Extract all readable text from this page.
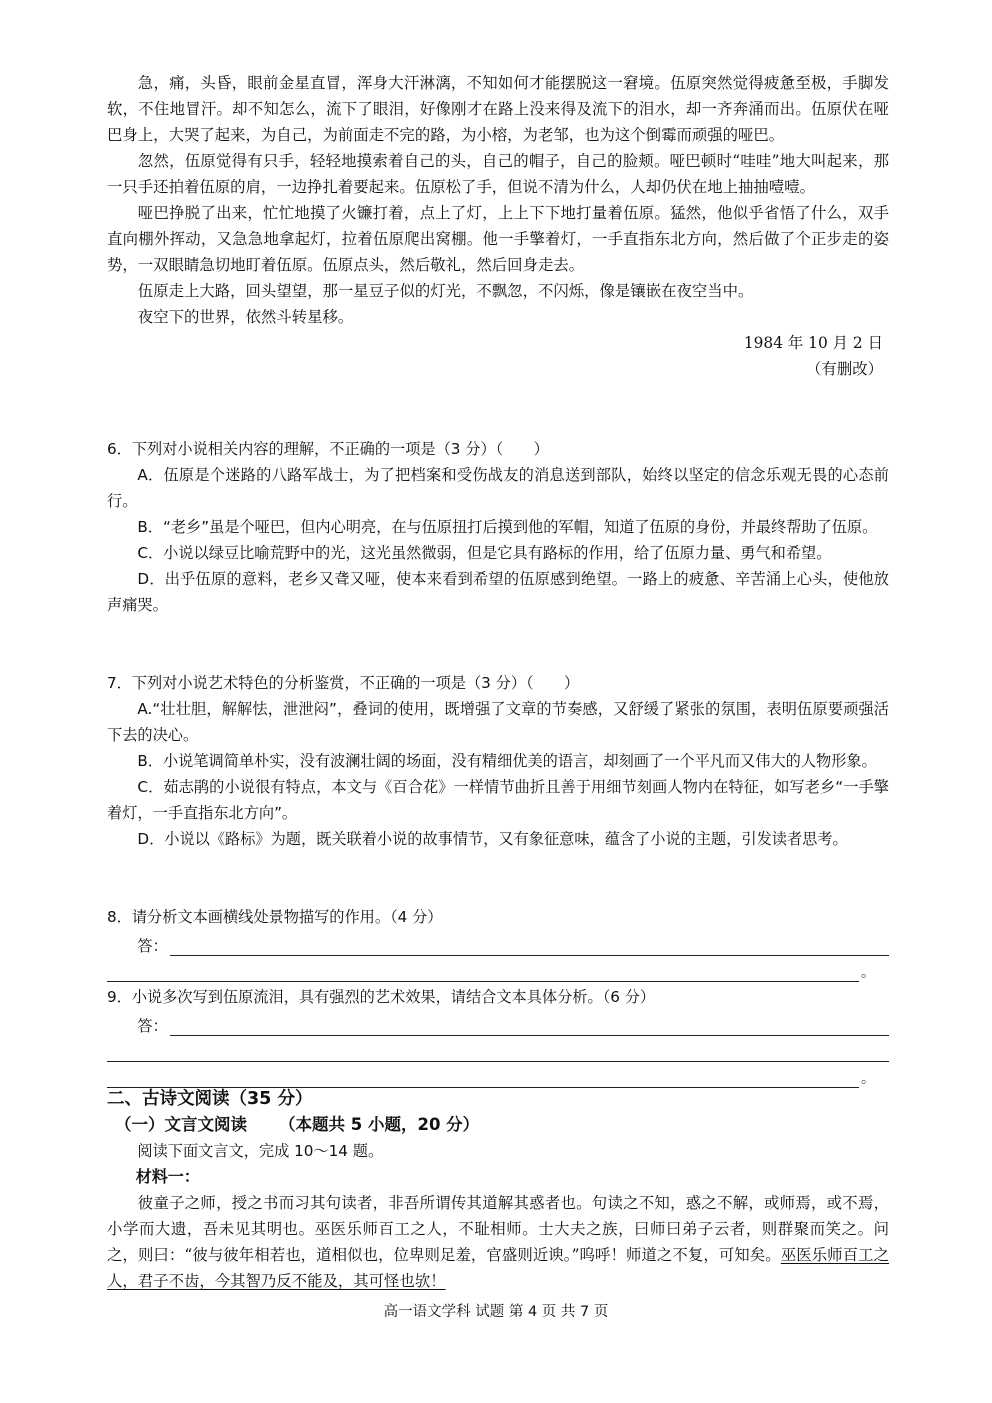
急，痛，头昏，眼前金星直冒，浑身大汗淋漓，不知如何才能摆脱这一窘境。伍原突然觉得疲惫至极，手脚发软，不住地冒汗。却不知怎么，流下了眼泪，好像刚才在路上没来得及流下的泪水，却一齐奔涌而出。伍原伏在哑巴身上，大哭了起来，为自己，为前面走不完的路，为小榕，为老邹，也为这个倒霉而顽强的哑巴。

忽然，伍原觉得有只手，轻轻地摸索着自己的头，自己的帽子，自己的脸颊。哑巴顿时“哇哇”地大叫起来，那一只手还拍着伍原的肩，一边挣扎着要起来。伍原松了手，但说不清为什么，人却仍伏在地上抽抽噎噎。

哑巴挣脱了出来，忙忙地摸了火镰打着，点上了灯，上上下下地打量着伍原。猛然，他似乎省悟了什么，双手直向棚外挥动，又急急地拿起灯，拉着伍原爬出窝棚。他一手擎着灯，一手直指东北方向，然后做了个正步走的姿势，一双眼睛急切地盯着伍原。伍原点头，然后敬礼，然后回身走去。

伍原走上大路，回头望望，那一星豆子似的灯光，不飘忽，不闪烁，像是镶嵌在夜空当中。

夜空下的世界，依然斗转星移。

1984 年 10 月 2 日

（有删改）

6．下列对小说相关内容的理解，不正确的一项是（3 分）（　　）

A．伍原是个迷路的八路军战士，为了把档案和受伤战友的消息送到部队，始终以坚定的信念乐观无畏的心态前行。

B．“老乡”虽是个哑巴，但内心明亮，在与伍原扭打后摸到他的军帽，知道了伍原的身份，并最终帮助了伍原。

C．小说以绿豆比喻荒野中的光，这光虽然微弱，但是它具有路标的作用，给了伍原力量、勇气和希望。

D．出乎伍原的意料，老乡又聋又哑，使本来看到希望的伍原感到绝望。一路上的疲惫、辛苦涌上心头，使他放声痛哭。

7．下列对小说艺术特色的分析鉴赏，不正确的一项是（3 分）（　　）

A.“壮壮胆，解解怯，泄泄闷”，叠词的使用，既增强了文章的节奏感，又舒缓了紧张的氛围，表明伍原要顽强活下去的决心。

B．小说笔调简单朴实，没有波澜壮阔的场面，没有精细优美的语言，却刻画了一个平凡而又伟大的人物形象。

C．茹志鹃的小说很有特点，本文与《百合花》一样情节曲折且善于用细节刻画人物内在特征，如写老乡“一手擎着灯，一手直指东北方向”。

D．小说以《路标》为题，既关联着小说的故事情节，又有象征意味，蕴含了小说的主题，引发读者思考。

8．请分析文本画横线处景物描写的作用。（4 分）

答：
。

9．小说多次写到伍原流泪，具有强烈的艺术效果，请结合文本具体分析。（6 分）

答：
。

二、古诗文阅读（35 分）

（一）文言文阅读 （本题共 5 小题，20 分）

阅读下面文言文，完成 10～14 题。

材料一：

彼童子之师，授之书而习其句读者，非吾所谓传其道解其惑者也。句读之不知，惑之不解，或师焉，或不焉，小学而大遗，吾未见其明也。巫医乐师百工之人，不耻相师。士大夫之族，曰师曰弟子云者，则群聚而笑之。问之，则曰：“彼与彼年相若也，道相似也，位卑则足羞，官盛则近谀。”呜呼！师道之不复，可知矣。巫医乐师百工之人，君子不齿，今其智乃反不能及，其可怪也欤！

高一语文学科 试题 第 4 页 共 7 页
